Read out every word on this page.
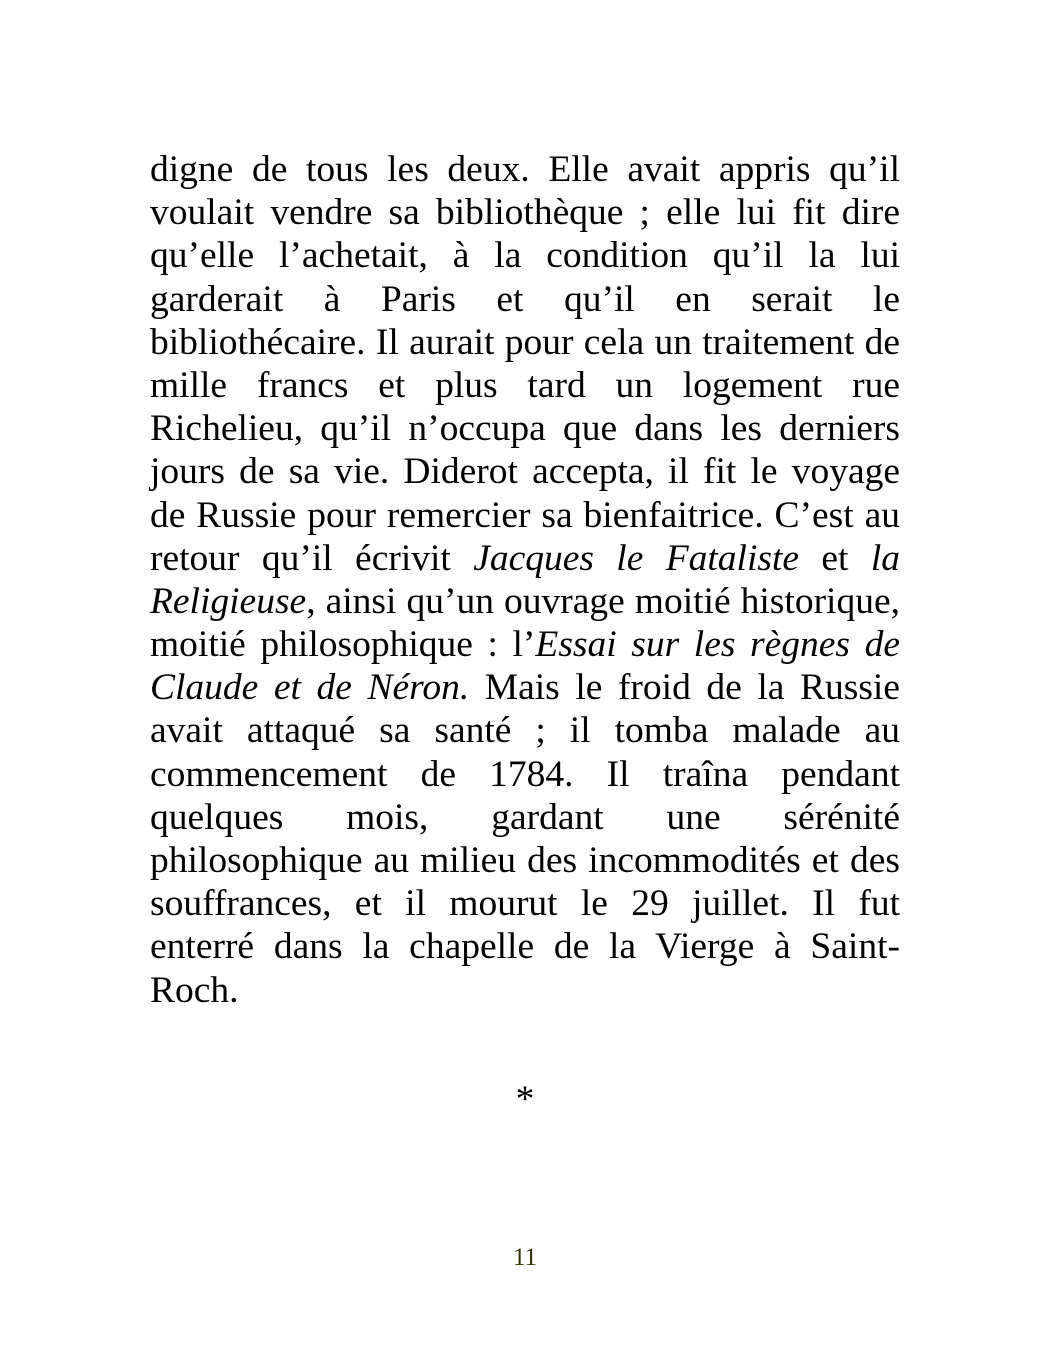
digne de tous les deux. Elle avait appris qu’il
voulait vendre sa bibliothèque ; elle lui fit dire
qu’elle l’achetait, à la condition qu’il la lui
garderait à Paris et qu’il en serait le
bibliothécaire. Il aurait pour cela un traitement de
mille francs et plus tard un logement rue
Richelieu, qu’il n’occupa que dans les derniers
jours de sa vie. Diderot accepta, il fit le voyage
de Russie pour remercier sa bienfaitrice. C’est au
retour qu’il écrivit Jacques le Fataliste et la
Religieuse, ainsi qu’un ouvrage moitié historique,
moitié philosophique : l’Essai sur les règnes de
Claude et de Néron. Mais le froid de la Russie
avait attaqué sa santé ; il tomba malade au
commencement de 1784. Il traîna pendant
quelques mois, gardant une sérénité
philosophique au milieu des incommodités et des
souffrances, et il mourut le 29 juillet. Il fut
enterré dans la chapelle de la Vierge à Saint-
Roch.
*
11
